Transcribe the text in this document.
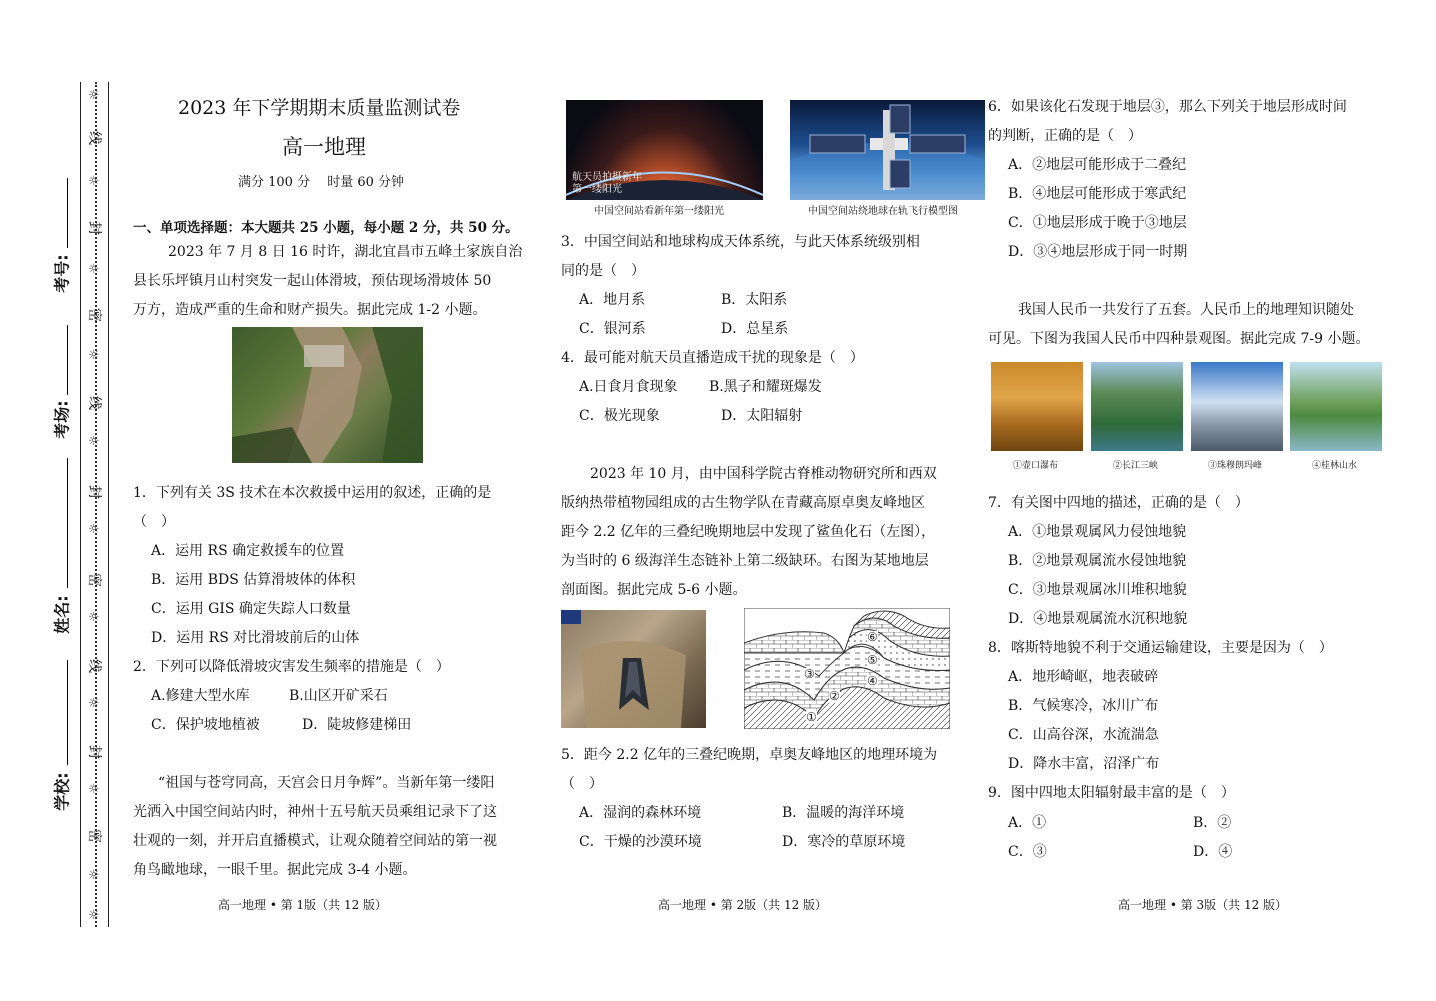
考号:
考场:
姓名:
学校:
线
封
密
线
封
密
线
封
密
☼
☼
☼
☼
☼
☼
☼
☼
☼
☼
☼
2023 年下学期期末质量监测试卷
高一地理
满分 100 分　 时量 60 分钟
一、单项选择题：本大题共 25 小题，每小题 2 分，共 50 分。
2023 年 7 月 8 日 16 时许，湖北宜昌市五峰土家族自治
县长乐坪镇月山村突发一起山体滑坡，预估现场滑坡体 50
万方，造成严重的生命和财产损失。据此完成 1-2 小题。
1．下列有关 3S 技术在本次救援中运用的叙述，正确的是
（　）
A．运用 RS 确定救援车的位置
B．运用 BDS 估算滑坡体的体积
C．运用 GIS 确定失踪人口数量
D．运用 RS 对比滑坡前后的山体
2．下列可以降低滑坡灾害发生频率的措施是（　）
A.修建大型水库	B.山区开矿采石
C．保护坡地植被	D．陡坡修建梯田
“祖国与苍穹同高，天宫会日月争辉”。当新年第一缕阳
光洒入中国空间站内时，神州十五号航天员乘组记录下了这
壮观的一刻，并开启直播模式，让观众随着空间站的第一视
角鸟瞰地球，一眼千里。据此完成 3-4 小题。
高一地理 • 第 1版（共 12 版）
航天员拍摄新年
第一缕阳光
中国空间站看新年第一缕阳光	中国空间站绕地球在轨飞行模型图
3．中国空间站和地球构成天体系统，与此天体系统级别相
同的是（　）
A．地月系	B．太阳系
C．银河系	D．总星系
4．最可能对航天员直播造成干扰的现象是（　）
A.日食月食现象 B.黑子和耀斑爆发
C．极光现象	D．太阳辐射
2023 年 10 月，由中国科学院古脊椎动物研究所和西双
版纳热带植物园组成的古生物学队在青藏高原卓奥友峰地区
距今 2.2 亿年的三叠纪晚期地层中发现了鲨鱼化石（左图），
为当时的 6 级海洋生态链补上第二级缺环。右图为某地地层
剖面图。据此完成 5-6 小题。
①
②
③	④
⑤
⑥
5．距今 2.2 亿年的三叠纪晚期，卓奥友峰地区的地理环境为
（　）
A．湿润的森林环境	B．温暖的海洋环境
C．干燥的沙漠环境	D．寒冷的草原环境
高一地理 • 第 2版（共 12 版）
6．如果该化石发现于地层③，那么下列关于地层形成时间
的判断，正确的是（　）
A．②地层可能形成于二叠纪
B．④地层可能形成于寒武纪
C．①地层形成于晚于③地层
D．③④地层形成于同一时期
我国人民币一共发行了五套。人民币上的地理知识随处
可见。下图为我国人民币中四种景观图。据此完成 7-9 小题。
①壶口瀑布	②长江三峡	③珠穆朗玛峰	④桂林山水
7．有关图中四地的描述，正确的是（　）
A．①地景观属风力侵蚀地貌
B．②地景观属流水侵蚀地貌
C．③地景观属冰川堆积地貌
D．④地景观属流水沉积地貌
8．喀斯特地貌不利于交通运输建设，主要是因为（　）
A．地形崎岖，地表破碎
B．气候寒冷，冰川广布
C．山高谷深，水流湍急
D．降水丰富，沼泽广布
9．图中四地太阳辐射最丰富的是（　）
A．①	B．②
C．③	D．④
高一地理 • 第 3版（共 12 版）
